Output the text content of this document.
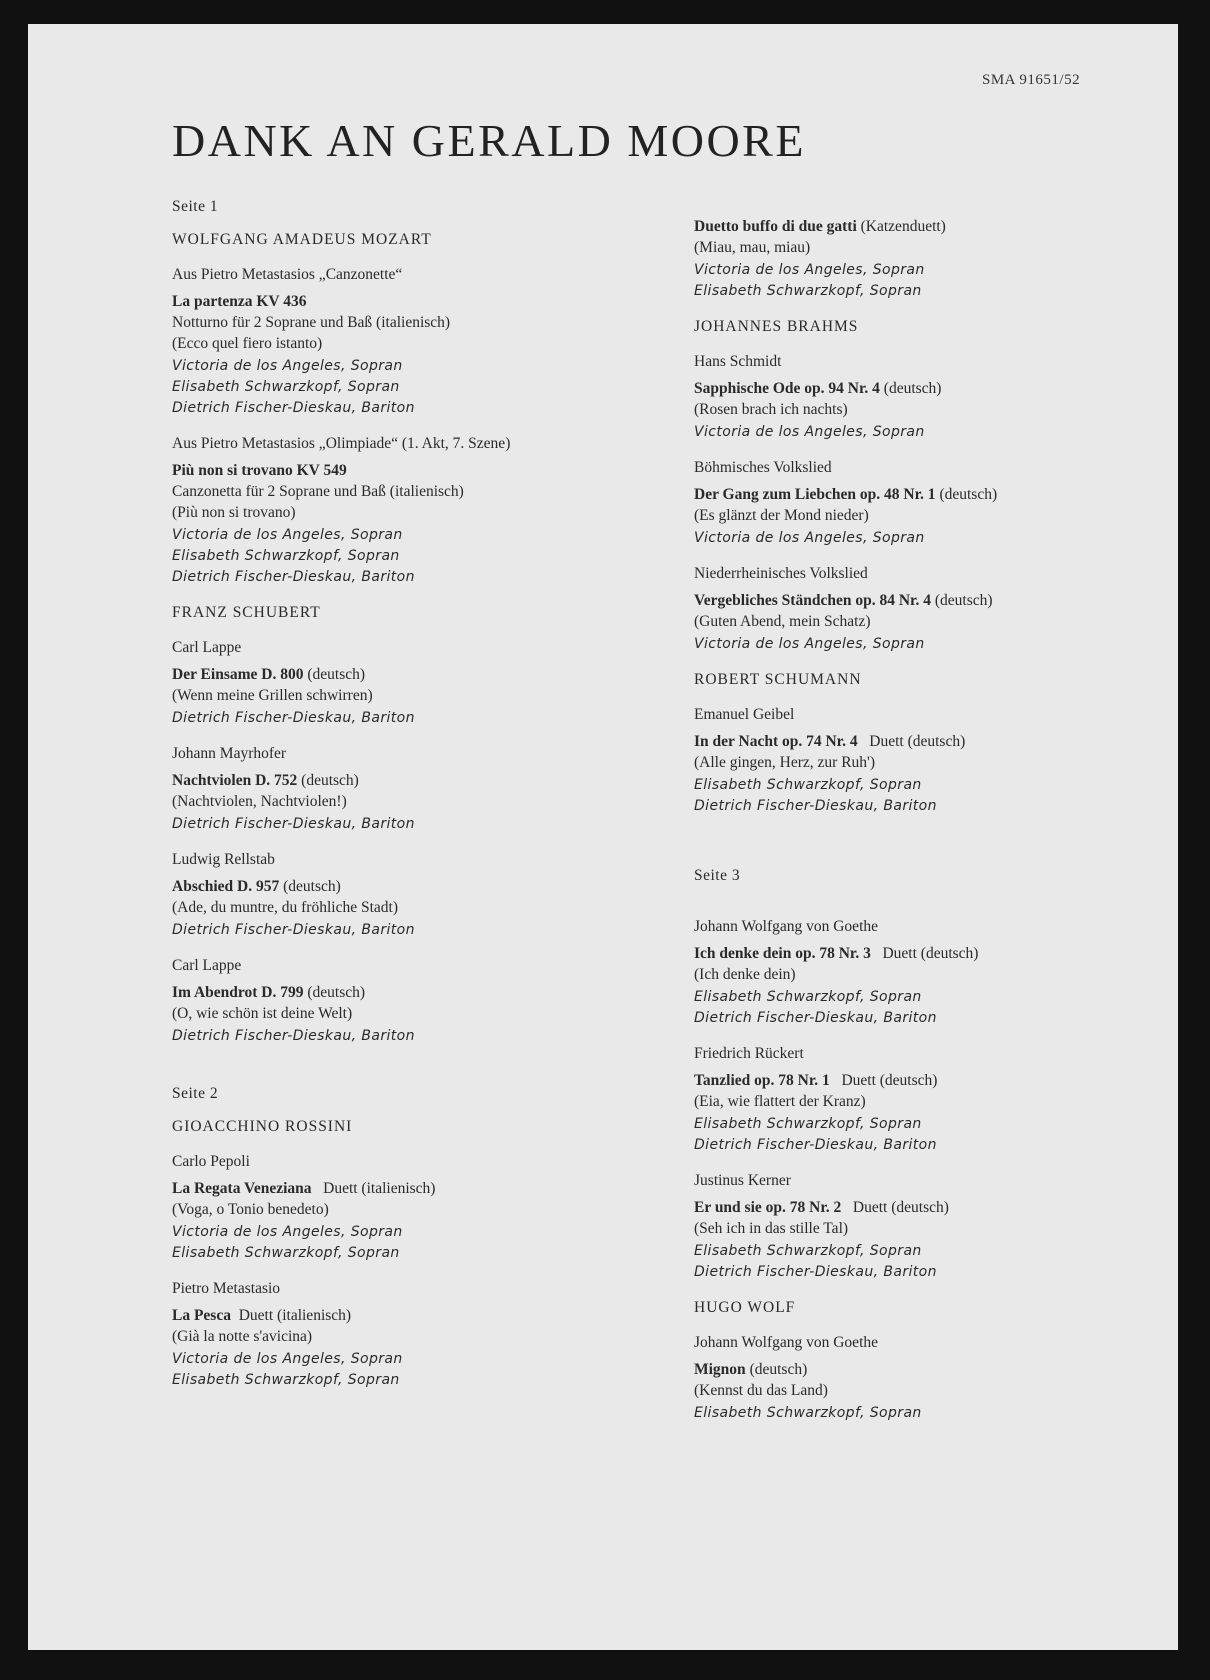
SMA 91651/52
DANK AN GERALD MOORE
Seite 1
WOLFGANG AMADEUS MOZART
Aus Pietro Metastasios „Canzonette“
La partenza KV 436
Notturno für 2 Soprane und Baß (italienisch)
(Ecco quel fiero istanto)
Victoria de los Angeles, Sopran
Elisabeth Schwarzkopf, Sopran
Dietrich Fischer-Dieskau, Bariton
Aus Pietro Metastasios „Olimpiade“ (1. Akt, 7. Szene)
Più non si trovano KV 549
Canzonetta für 2 Soprane und Baß (italienisch)
(Più non si trovano)
Victoria de los Angeles, Sopran
Elisabeth Schwarzkopf, Sopran
Dietrich Fischer-Dieskau, Bariton
FRANZ SCHUBERT
Carl Lappe
Der Einsame D. 800 (deutsch)
(Wenn meine Grillen schwirren)
Dietrich Fischer-Dieskau, Bariton
Johann Mayrhofer
Nachtviolen D. 752 (deutsch)
(Nachtviolen, Nachtviolen!)
Dietrich Fischer-Dieskau, Bariton
Ludwig Rellstab
Abschied D. 957 (deutsch)
(Ade, du muntre, du fröhliche Stadt)
Dietrich Fischer-Dieskau, Bariton
Carl Lappe
Im Abendrot D. 799 (deutsch)
(O, wie schön ist deine Welt)
Dietrich Fischer-Dieskau, Bariton
Seite 2
GIOACCHINO ROSSINI
Carlo Pepoli
La Regata Veneziana   Duett (italienisch)
(Voga, o Tonio benedeto)
Victoria de los Angeles, Sopran
Elisabeth Schwarzkopf, Sopran
Pietro Metastasio
La Pesca  Duett (italienisch)
(Già la notte s'avicina)
Victoria de los Angeles, Sopran
Elisabeth Schwarzkopf, Sopran
Duetto buffo di due gatti (Katzenduett)
(Miau, mau, miau)
Victoria de los Angeles, Sopran
Elisabeth Schwarzkopf, Sopran
JOHANNES BRAHMS
Hans Schmidt
Sapphische Ode op. 94 Nr. 4 (deutsch)
(Rosen brach ich nachts)
Victoria de los Angeles, Sopran
Böhmisches Volkslied
Der Gang zum Liebchen op. 48 Nr. 1 (deutsch)
(Es glänzt der Mond nieder)
Victoria de los Angeles, Sopran
Niederrheinisches Volkslied
Vergebliches Ständchen op. 84 Nr. 4 (deutsch)
(Guten Abend, mein Schatz)
Victoria de los Angeles, Sopran
ROBERT SCHUMANN
Emanuel Geibel
In der Nacht op. 74 Nr. 4   Duett (deutsch)
(Alle gingen, Herz, zur Ruh')
Elisabeth Schwarzkopf, Sopran
Dietrich Fischer-Dieskau, Bariton
Seite 3
Johann Wolfgang von Goethe
Ich denke dein op. 78 Nr. 3   Duett (deutsch)
(Ich denke dein)
Elisabeth Schwarzkopf, Sopran
Dietrich Fischer-Dieskau, Bariton
Friedrich Rückert
Tanzlied op. 78 Nr. 1   Duett (deutsch)
(Eia, wie flattert der Kranz)
Elisabeth Schwarzkopf, Sopran
Dietrich Fischer-Dieskau, Bariton
Justinus Kerner
Er und sie op. 78 Nr. 2   Duett (deutsch)
(Seh ich in das stille Tal)
Elisabeth Schwarzkopf, Sopran
Dietrich Fischer-Dieskau, Bariton
HUGO WOLF
Johann Wolfgang von Goethe
Mignon (deutsch)
(Kennst du das Land)
Elisabeth Schwarzkopf, Sopran
